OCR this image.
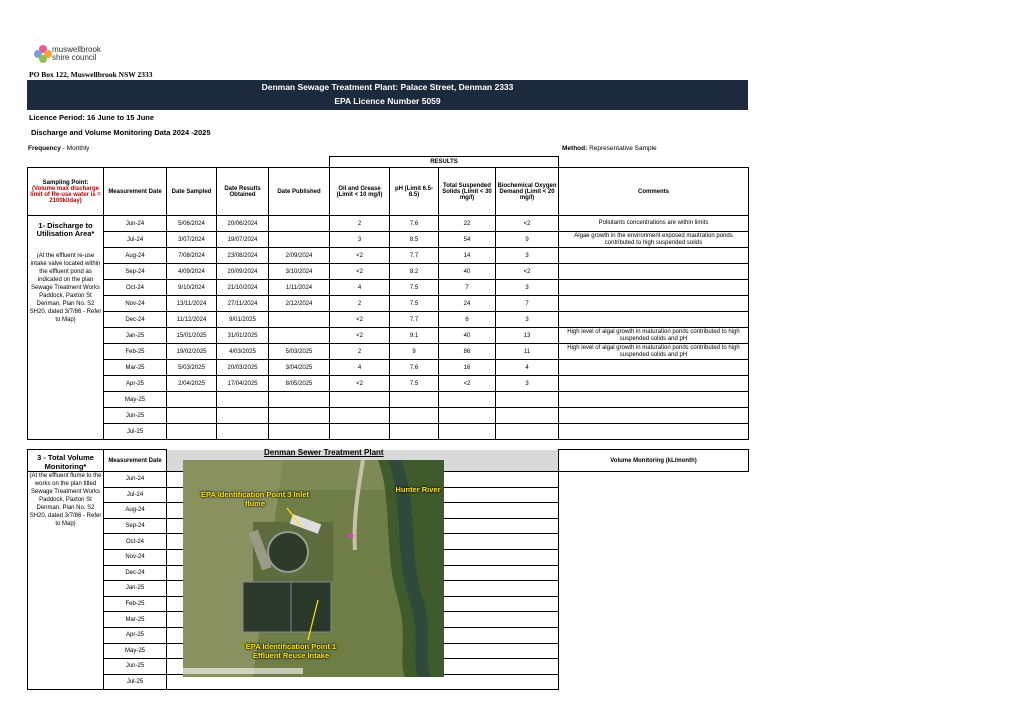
muswellbrook
shire council
PO Box 122, Muswellbrook NSW 2333
Denman Sewage Treatment Plant: Palace Street, Denman 2333
EPA Licence Number 5059
Licence Period: 16 June to 15 June
Discharge and Volume Monitoring Data 2024 -2025
Frequency - Monthly	Method: Representative Sample
					RESULTS				

Sampling Point:
(Volume max discharge limit of Re-use water is = 2100kl/day)	Measurement Date	Date Sampled	Date Results Obtained	Date Published	Oil and Grease (Limit < 10 mg/l)	pH (Limit 6.5-8.5)	Total Suspended Solids (Limit < 30 mg/l)	Biochemical Oxygen Demand (Limit < 20 mg/l)	Comments

1- Discharge to Utilisation Area*
(At the effluent re-use intake valve located within the effluent pond as indicated on the plan Sewage Treatment Works Paddock, Paxton St Denman, Plan No. S2 SH20, dated 3/7/86 - Refer to Map)	Jun-24	5/06/2024	20/06/2024		2	7.6	22	<2	Pollutants concentrations are within limits
	Jul-24	3/07/2024	19/07/2024		3	8.5	54	9	Algae growth in the environment exposed mautration ponds contributed to high suspended solids
	Aug-24	7/08/2024	23/08/2024	2/09/2024	<2	7.7	14	3	
	Sep-24	4/09/2024	20/09/2024	3/10/2024	<2	8.2	40	<2	
	Oct-24	9/10/2024	21/10/2024	1/11/2024	4	7.5	7	3	
	Nov-24	13/11/2024	27/11/2024	2/12/2024	2	7.5	24	7	
	Dec-24	11/12/2024	9/01/2025		<2	7.7	6	3	
	Jan-25	15/01/2025	31/01/2025		<2	9.1	40	13	High level of algal growth in maturation ponds contributed to high suspended solids and pH
	Feb-25	19/02/2025	4/03/2025	5/03/2025	2	9	86	11	High level of algal growth in maturation ponds contributed to high suspended solids and pH
	Mar-25	5/03/2025	20/03/2025	3/04/2025	4	7.6	16	4	
	Apr-25	2/04/2025	17/04/2025	8/05/2025	<2	7.5	<2	3	
	May-25								
	Jun-25								
	Jul-25								
3 - Total Volume Monitoring*	Measurement Date		Volume Monitoring (kL/month)
(At the effluent flume to the works on the plan titled Sewage Treatment Works Paddock, Paxton St Denman, Plan No. S2 SH20, dated 3/7/86 - Refer to Map)	Jun-24	
	Jul-24	
	Aug-24	
	Sep-24	
	Oct-24	
	Nov-24	
	Dec-24	
	Jan-25	
	Feb-25	
	Mar-25	
	Apr-25	
	May-25		
	Jun-25		
	Jul-25		
Denman Sewer Treatment Plant
EPA Identification Point 3 Inlet flume
Hunter River
EPA Identification Point 1 Effluent Reuse Intake
